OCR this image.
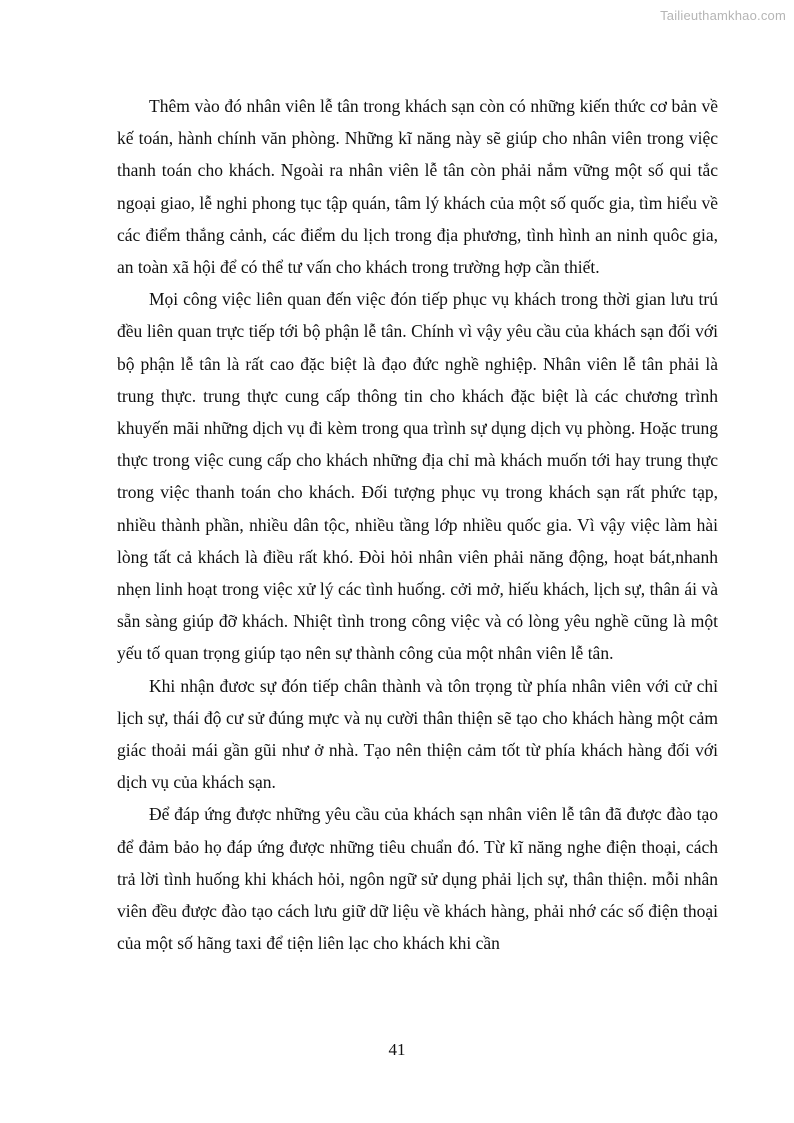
Tailieuthamkhao.com

Thêm vào đó nhân viên lễ tân trong khách sạn còn có những kiến thức cơ bản về kế toán, hành chính văn phòng. Những kĩ năng này sẽ giúp cho nhân viên trong việc thanh toán cho khách. Ngoài ra nhân viên lễ tân còn phải nắm vững một số qui tắc ngoại giao, lễ nghi phong tục tập quán, tâm lý khách của một số quốc gia, tìm hiểu về các điểm thắng cảnh, các điểm du lịch trong địa phương, tình hình an ninh quôc gia, an toàn xã hội để có thể tư vấn cho khách trong trường hợp cần thiết.

Mọi công việc liên quan đến việc đón tiếp phục vụ khách trong thời gian lưu trú đều liên quan trực tiếp tới bộ phận lễ tân. Chính vì vậy yêu cầu của khách sạn đối với bộ phận lễ tân là rất cao đặc biệt là đạo đức nghề nghiệp. Nhân viên lễ tân phải là trung thực. trung thực cung cấp thông tin cho khách đặc biệt là các chương trình khuyến mãi những dịch vụ đi kèm trong qua trình sự dụng dịch vụ phòng. Hoặc trung thực trong việc cung cấp cho khách những địa chỉ mà khách muốn tới hay trung thực trong việc thanh toán cho khách. Đối tượng phục vụ trong khách sạn rất phức tạp, nhiều thành phần, nhiều dân tộc, nhiều tầng lớp nhiều quốc gia. Vì vậy việc làm hài lòng tất cả khách là điều rất khó. Đòi hỏi nhân viên phải năng động, hoạt bát,nhanh nhẹn linh hoạt trong việc xử lý các tình huống. cởi mở, hiếu khách, lịch sự, thân ái và sẵn sàng giúp đỡ khách. Nhiệt tình trong công việc và có lòng yêu nghề cũng là một yếu tố quan trọng giúp tạo nên sự thành công của một nhân viên lễ tân.

Khi nhận đươc sự đón tiếp chân thành và tôn trọng từ phía nhân viên với cử chỉ lịch sự, thái độ cư sử đúng mực và nụ cười thân thiện sẽ tạo cho khách hàng một cảm giác thoải mái gần gũi như ở nhà. Tạo nên thiện cảm tốt từ phía khách hàng đối với dịch vụ của khách sạn.

Để đáp ứng được những yêu cầu của khách sạn nhân viên lễ tân đã được đào tạo để đảm bảo họ đáp ứng được những tiêu chuẩn đó. Từ kĩ năng nghe điện thoại, cách trả lời tình huống khi khách hỏi, ngôn ngữ sử dụng phải lịch sự, thân thiện. mỗi nhân viên đều được đào tạo cách lưu giữ dữ liệu về khách hàng, phải nhớ các số điện thoại của một số hãng taxi để tiện liên lạc cho khách khi cần

41
